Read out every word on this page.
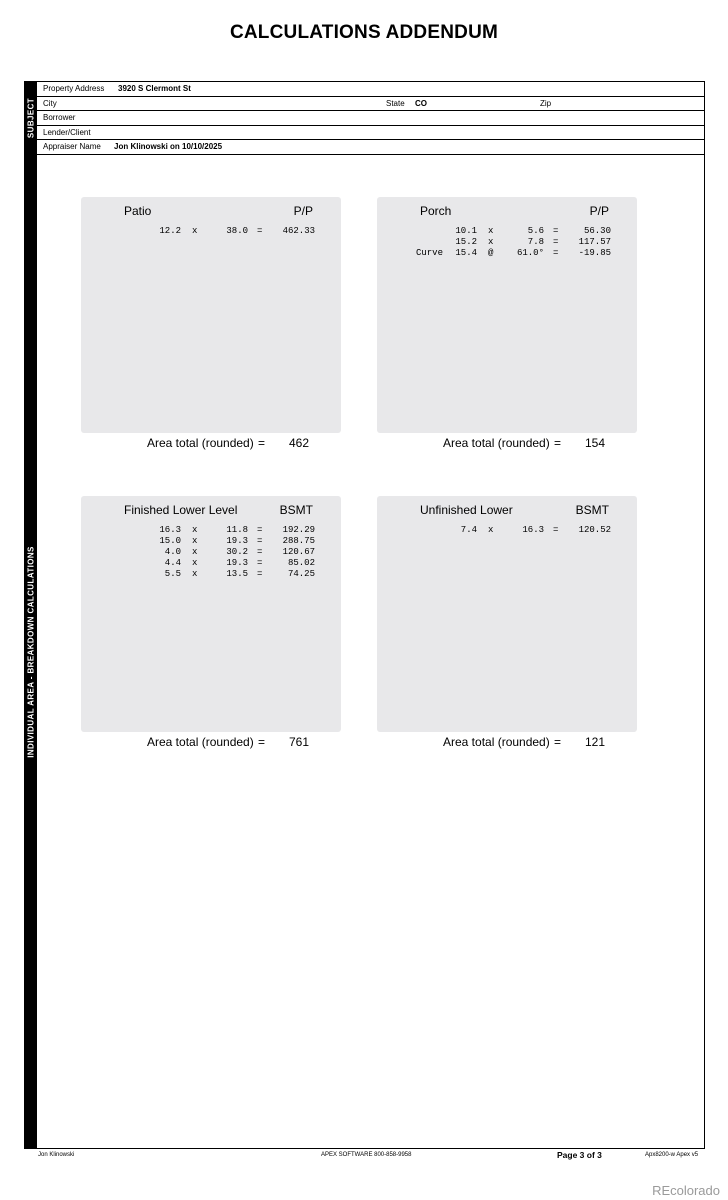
CALCULATIONS ADDENDUM
SUBJECT
INDIVIDUAL AREA - BREAKDOWN CALCULATIONS
Property Address 3920 S Clermont St
City	State CO	Zip
Borrower
Lender/Client
Appraiser Name Jon Klinowski on 10/10/2025
Patio	P/P
12.2 x	38.0 = 462.33
Area total (rounded) = 462
Porch	P/P
10.1 x	5.6 =	56.30
15.2 x	7.8 = 117.57
Curve 15.4 @	61.0° = -19.85
Area total (rounded) = 154
Finished Lower Level	BSMT
16.3 x	11.8 = 192.29
15.0 x	19.3 = 288.75
4.0 x	30.2 = 120.67
4.4 x	19.3 =	85.02
5.5 x	13.5 =	74.25
Area total (rounded) = 761
Unfinished Lower	BSMT
7.4 x	16.3 = 120.52
Area total (rounded) = 121
Jon Klinowski	APEX SOFTWARE 800-858-9958	Page 3 of 3	Apx8200-w Apex v5
REcolorado
